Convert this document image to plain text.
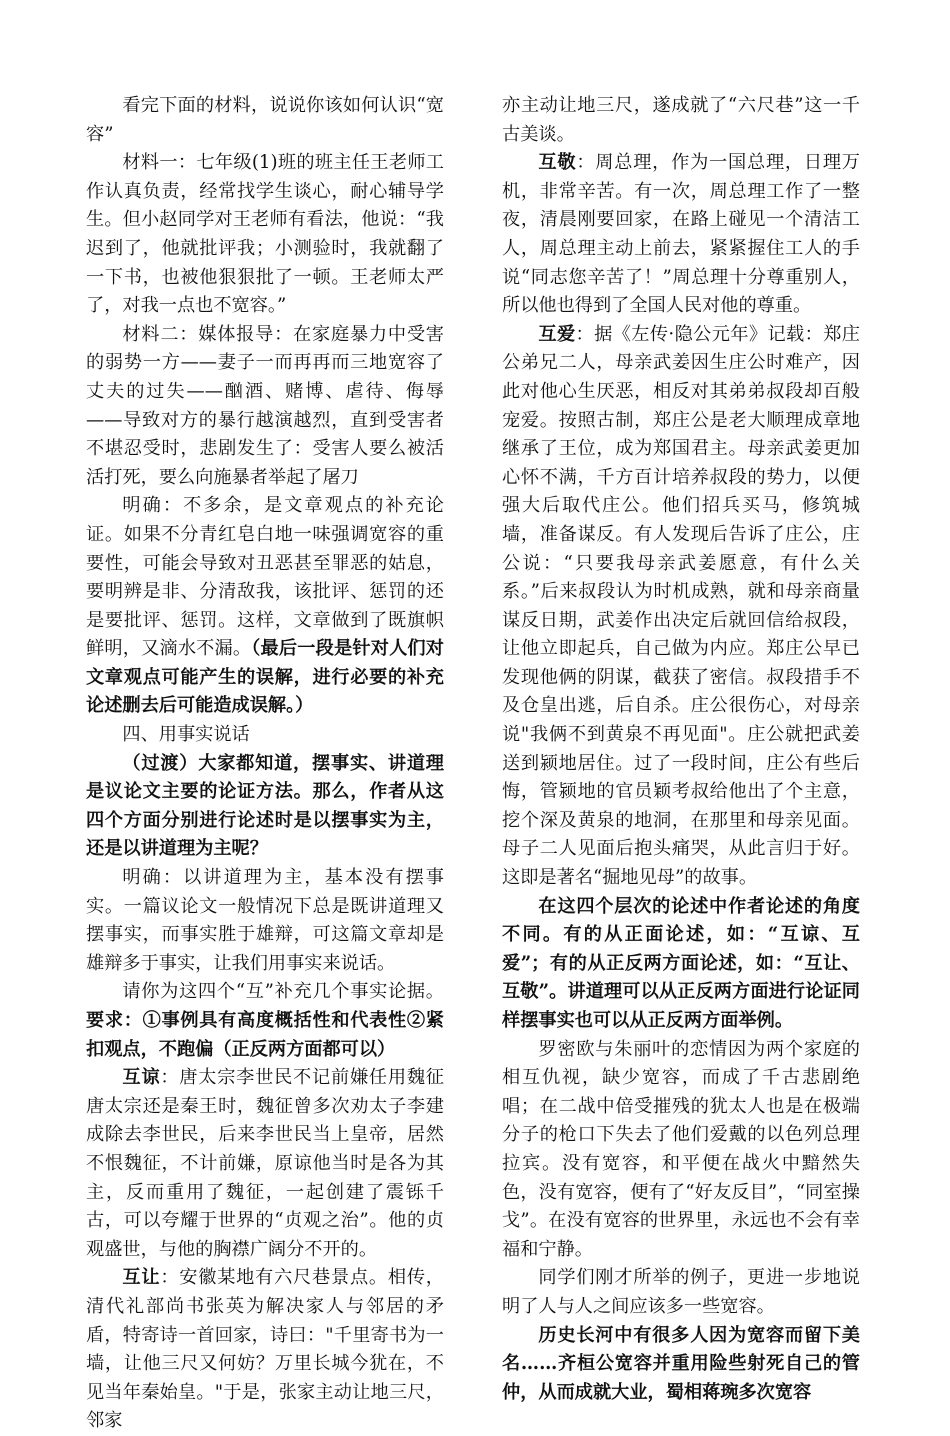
看完下面的材料，说说你该如何认识“宽容”

材料一：七年级(1)班的班主任王老师工作认真负责，经常找学生谈心，耐心辅导学生。但小赵同学对王老师有看法，他说：“我迟到了，他就批评我；小测验时，我就翻了一下书，也被他狠狠批了一顿。王老师太严了，对我一点也不宽容。”

材料二：媒体报导：在家庭暴力中受害的弱势一方——妻子一而再再而三地宽容了丈夫的过失——酗酒、赌博、虐待、侮辱——导致对方的暴行越演越烈，直到受害者不堪忍受时，悲剧发生了：受害人要么被活活打死，要么向施暴者举起了屠刀

明确：不多余，是文章观点的补充论证。如果不分青红皂白地一味强调宽容的重要性，可能会导致对丑恶甚至罪恶的姑息，要明辨是非、分清敌我，该批评、惩罚的还是要批评、惩罚。这样，文章做到了既旗帜鲜明，又滴水不漏。（最后一段是针对人们对文章观点可能产生的误解，进行必要的补充论述删去后可能造成误解。）

四、用事实说话

（过渡）大家都知道，摆事实、讲道理是议论文主要的论证方法。那么，作者从这四个方面分别进行论述时是以摆事实为主，还是以讲道理为主呢？

明确：以讲道理为主，基本没有摆事实。一篇议论文一般情况下总是既讲道理又摆事实，而事实胜于雄辩，可这篇文章却是雄辩多于事实，让我们用事实来说话。

请你为这四个“互”补充几个事实论据。要求：①事例具有高度概括性和代表性②紧扣观点，不跑偏（正反两方面都可以）

互谅：唐太宗李世民不记前嫌任用魏征唐太宗还是秦王时，魏征曾多次劝太子李建成除去李世民，后来李世民当上皇帝，居然不恨魏征，不计前嫌，原谅他当时是各为其主，反而重用了魏征，一起创建了震铄千古，可以夸耀于世界的“贞观之治”。他的贞观盛世，与他的胸襟广阔分不开的。

互让：安徽某地有六尺巷景点。相传，清代礼部尚书张英为解决家人与邻居的矛盾，特寄诗一首回家，诗曰："千里寄书为一墙，让他三尺又何妨？万里长城今犹在，不见当年秦始皇。"于是，张家主动让地三尺，邻家

亦主动让地三尺，遂成就了“六尺巷”这一千古美谈。

互敬：周总理，作为一国总理，日理万机，非常辛苦。有一次，周总理工作了一整夜，清晨刚要回家，在路上碰见一个清洁工人，周总理主动上前去，紧紧握住工人的手说“同志您辛苦了！”周总理十分尊重别人，所以他也得到了全国人民对他的尊重。

互爱：据《左传·隐公元年》记载：郑庄公弟兄二人，母亲武姜因生庄公时难产，因此对他心生厌恶，相反对其弟弟叔段却百般宠爱。按照古制，郑庄公是老大顺理成章地继承了王位，成为郑国君主。母亲武姜更加心怀不满，千方百计培养叔段的势力，以便强大后取代庄公。他们招兵买马，修筑城墙，准备谋反。有人发现后告诉了庄公，庄公说：“只要我母亲武姜愿意，有什么关系。”后来叔段认为时机成熟，就和母亲商量谋反日期，武姜作出决定后就回信给叔段，让他立即起兵，自己做为内应。郑庄公早已发现他俩的阴谋，截获了密信。叔段措手不及仓皇出逃，后自杀。庄公很伤心，对母亲说"我俩不到黄泉不再见面"。庄公就把武姜送到颍地居住。过了一段时间，庄公有些后悔，管颍地的官员颖考叔给他出了个主意，挖个深及黄泉的地洞，在那里和母亲见面。母子二人见面后抱头痛哭，从此言归于好。这即是著名“掘地见母”的故事。

在这四个层次的论述中作者论述的角度不同。有的从正面论述，如：“互谅、互爱”；有的从正反两方面论述，如：“互让、互敬”。讲道理可以从正反两方面进行论证同样摆事实也可以从正反两方面举例。

罗密欧与朱丽叶的恋情因为两个家庭的相互仇视，缺少宽容，而成了千古悲剧绝唱；在二战中倍受摧残的犹太人也是在极端分子的枪口下失去了他们爱戴的以色列总理拉宾。没有宽容，和平便在战火中黯然失色，没有宽容，便有了“好友反目”，“同室操戈”。在没有宽容的世界里，永远也不会有幸福和宁静。

同学们刚才所举的例子，更进一步地说明了人与人之间应该多一些宽容。

历史长河中有很多人因为宽容而留下美名……齐桓公宽容并重用险些射死自己的管仲，从而成就大业，蜀相蒋琬多次宽容
